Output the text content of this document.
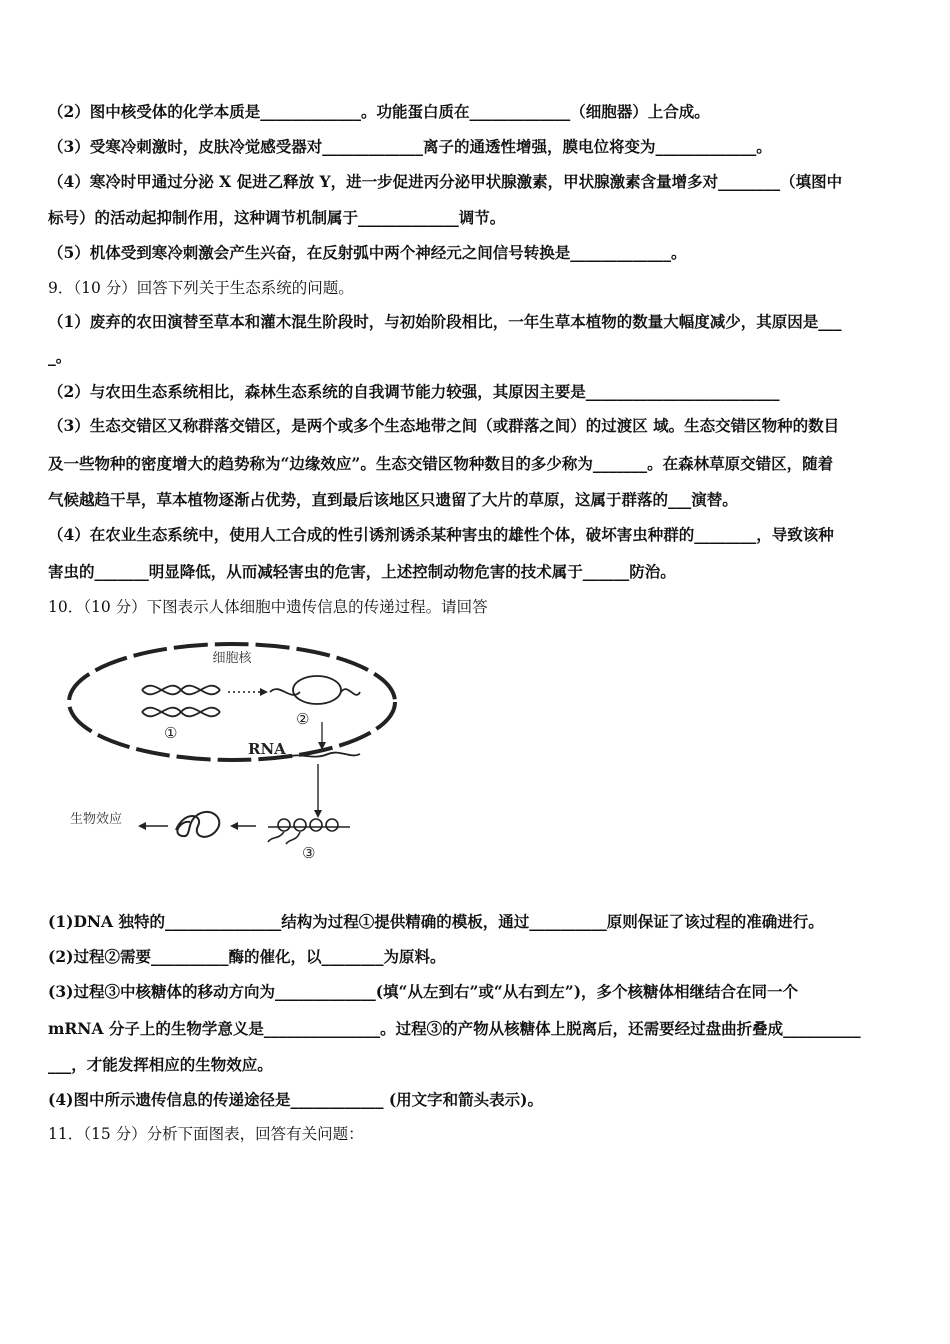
（2）图中核受体的化学本质是_____________。功能蛋白质在_____________（细胞器）上合成。
（3）受寒冷刺激时，皮肤冷觉感受器对_____________离子的通透性增强，膜电位将变为_____________。
（4）寒冷时甲通过分泌 X 促进乙释放 Y，进一步促进丙分泌甲状腺激素，甲状腺激素含量增多对________（填图中
标号）的活动起抑制作用，这种调节机制属于_____________调节。
（5）机体受到寒冷刺激会产生兴奋，在反射弧中两个神经元之间信号转换是_____________。
9．（10 分）回答下列关于生态系统的问题。
（1）废弃的农田演替至草本和灌木混生阶段时，与初始阶段相比，一年生草本植物的数量大幅度减少，其原因是___
_。
（2）与农田生态系统相比，森林生态系统的自我调节能力较强，其原因主要是_________________________
（3）生态交错区又称群落交错区，是两个或多个生态地带之间（或群落之间）的过渡区 域。生态交错区物种的数目
及一些物种的密度增大的趋势称为“边缘效应”。生态交错区物种数目的多少称为_______。在森林草原交错区，随着
气候越趋干旱，草本植物逐渐占优势，直到最后该地区只遗留了大片的草原，这属于群落的___演替。
（4）在农业生态系统中，使用人工合成的性引诱剂诱杀某种害虫的雄性个体，破坏害虫种群的________，导致该种
害虫的_______明显降低，从而减轻害虫的危害，上述控制动物危害的技术属于______防治。
10．（10 分）下图表示人体细胞中遗传信息的传递过程。请回答
细胞核
①
②
RNA
③
生物效应
(1)DNA 独特的_______________结构为过程①提供精确的模板，通过__________原则保证了该过程的准确进行。
(2)过程②需要__________酶的催化，以________为原料。
(3)过程③中核糖体的移动方向为_____________(填“从左到右”或“从右到左”)，多个核糖体相继结合在同一个
mRNA 分子上的生物学意义是_______________。过程③的产物从核糖体上脱离后，还需要经过盘曲折叠成__________
___，才能发挥相应的生物效应。
(4)图中所示遗传信息的传递途径是____________ (用文字和箭头表示)。
11．（15 分）分析下面图表，回答有关问题：
